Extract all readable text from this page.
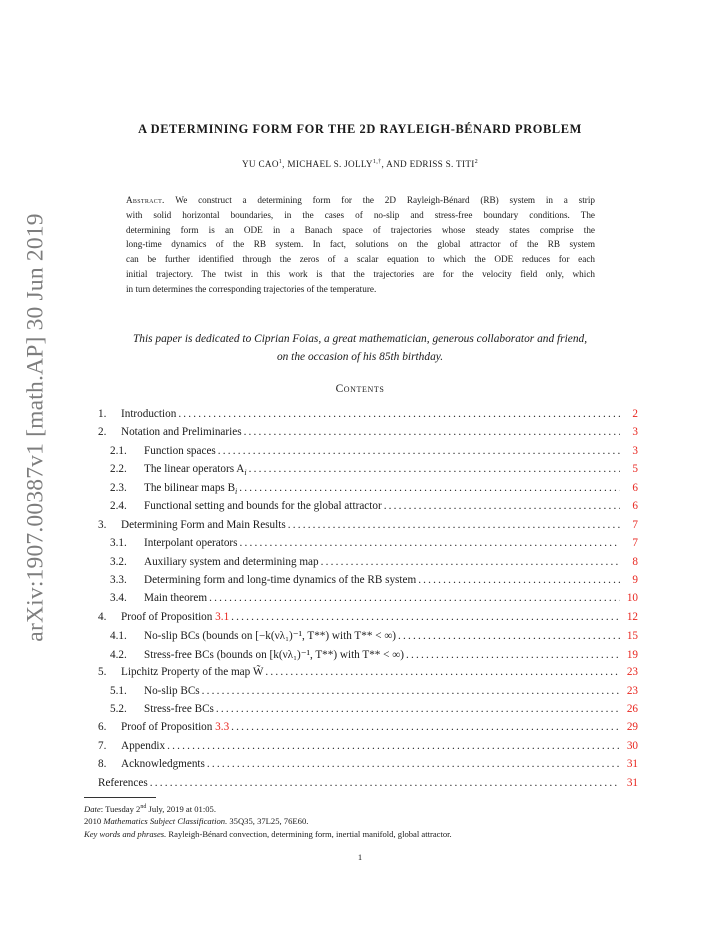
arXiv:1907.00387v1 [math.AP] 30 Jun 2019
A DETERMINING FORM FOR THE 2D RAYLEIGH-BÉNARD PROBLEM
YU CAO$^1$, MICHAEL S. $JOLLY^{1,\dagger}$, AND EDRISS S. TITI$^2$
Abstract. We construct a determining form for the 2D Rayleigh-Bénard (RB) system in a strip
with solid horizontal boundaries, in the cases of no-slip and stress-free boundary conditions. The
determining form is an ODE in a Banach space of trajectories whose steady states comprise the
long-time dynamics of the RB system. In fact, solutions on the global attractor of the RB system
can be further identified through the zeros of a scalar equation to which the ODE reduces for each
initial trajectory. The twist in this work is that the trajectories are for the velocity field only, which
in turn determines the corresponding trajectories of the temperature.
This paper is dedicated to Ciprian Foias, a great mathematician, generous collaborator and friend,
on the occasion of his 85th birthday.
Contents
1.	Introduction .....	2
2.	Notation and Preliminaries .....	3
2.1.	Function spaces .....	3
2.2.	The linear operators $A_i$ .....	5
2.3.	The bilinear maps $B_i$ .....	6
2.4.	Functional setting and bounds for the global attractor .....	6
3.	Determining Form and Main Results .....	7
3.1.	Interpolant operators .....	7
3.2.	Auxiliary system and determining map .....	8
3.3.	Determining form and long-time dynamics of the RB system .....	9
3.4.	Main theorem .....	10
4.	Proof of Proposition 3.1 .....	12
4.1.	No-slip BCs (bounds on [−k(νλ₁)⁻¹, T**) with T** < ∞) .....	15
4.2.	Stress-free BCs (bounds on [k(νλ₁)⁻¹, T**) with T** < ∞) .....	19
5.	Lipchitz Property of the map W̃ .....	23
5.1.	No-slip BCs .....	23
5.2.	Stress-free BCs .....	26
6.	Proof of Proposition 3.3 .....	29
7.	Appendix .....	30
8.	Acknowledgments .....	31
References .....	31
Date: Tuesday 2nd July, 2019 at 01:05.
2010 Mathematics Subject Classification. 35Q35, 37L25, 76E60.
Key words and phrases. Rayleigh-Bénard convection, determining form, inertial manifold, global attractor.
1
